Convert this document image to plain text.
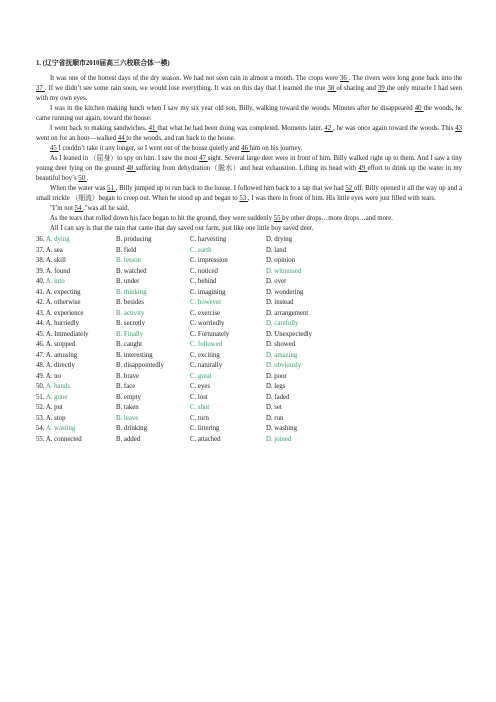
1. (辽宁省抚顺市2010届高三六校联合体一模)

It was one of the hottest days of the dry season. We had not seen rain in almost a month. The crops were 36 . The rivers were long gone back into the 37 . If we didn’t see some rain soon, we would lose everything. It was on this day that I learned the true 38 of sharing and 39 the only miracle I had seen with my own eyes.

I was in the kitchen making lunch when I saw my six year old son, Billy, walking toward the woods. Minutes after he disappeared 40 the woods, he came running out again, toward the house.

I went back to making sandwiches, 41 that what he had been doing was completed. Moments later, 42 , he was once again toward the woods. This 43 went on for an hour—walked 44 to the woods, and ran back to the house.

45 I couldn’t take it any longer, so I went out of the house quietly and 46 him on his journey.

As I leaned in （屈身）to spy on him. I saw the most 47 sight. Several large deer were in front of him. Billy walked right up to them. And I saw a tiny young deer lying on the ground 48 suffering from dehydration（脱水）and heat exhaustion. Lifting its head with 49 effort to drink up the water in my beautiful boy’s 50 .

When the water was 51 , Billy jumped up to run back to the house. I followed him back to a tap that we had 52 off. Billy opened it all the way up and a small trickle （细流）began to creep out. When he stood up and began to 53 , I was there in front of him. His little eyes were just filled with tears.

"I’m not 54 ,"was all he said.

As the tears that rolled down his face began to hit the ground, they were suddenly 55 by other drops…more drops…and more.

All I can say is that the rain that came that day saved our farm, just like one little boy saved deer.

36. A. dying	B. producing	C. harvesting	D. drying
37. A. sea	B. field	C. earth	D. land
38. A. skill	B. lesson	C. impression	D. opinion
39. A. found	B. watched	C. noticed	D. witnessed
40. A. into	B. under	C. behind	D. over
41. A. expecting	B. thinking	C. imagining	D. wondering
42. A. otherwise	B. besides	C. however	D. instead
43. A. experience	B. activity	C. exercise	D. arrangement
44. A. hurriedly	B. secretly	C. worriedly	D. carefully
45. A. Immediately	B. Finally	C. Fortunately	D. Unexpectedly
46. A. stopped	B. caught	C. followed	D. showed
47. A. amusing	B. interesting	C. exciting	D. amazing
48. A. directly	B. disappointedly	C. naturally	D. obviously
49. A. no	B. brave	C. great	D. poor
50. A. hands	B. face	C. eyes	D. legs
51. A. gone	B. empty	C. lost	D. faded
52. A. put	B. taken	C. shut	D. set
53. A. stop	B. leave	C. turn	D. run
54. A. wasting	B. drinking	C. littering	D. washing
55. A. connected	B. added	C. attached	D. joined
